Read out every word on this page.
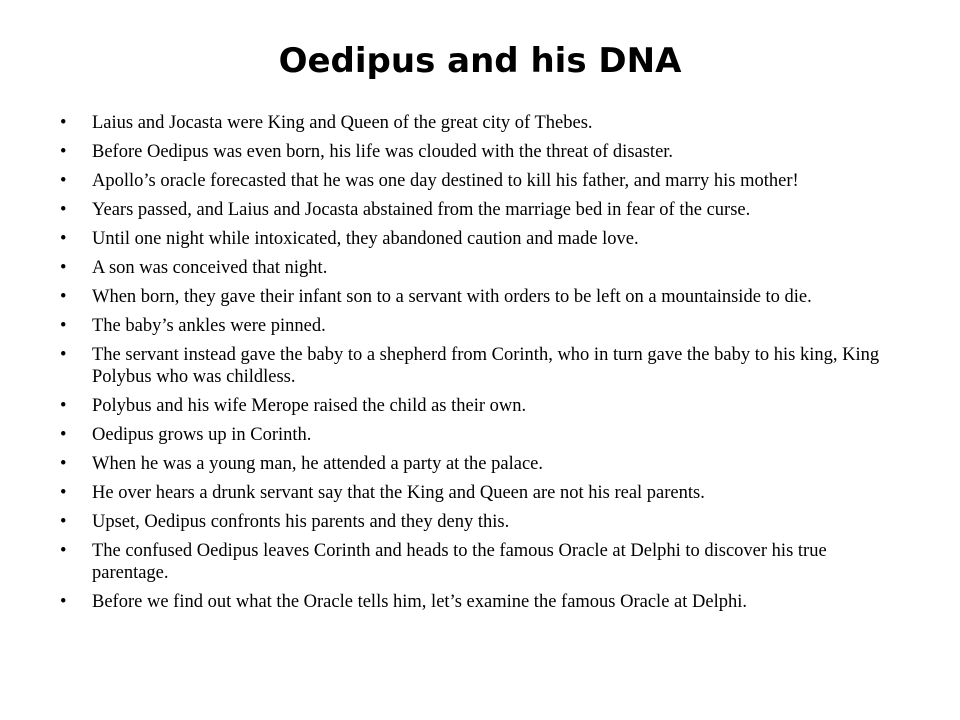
Oedipus and his DNA
•	Laius and Jocasta were King and Queen of the great city of Thebes.
•	Before Oedipus was even born, his life was clouded with the threat of disaster.
•	Apollo’s oracle forecasted that he was one day destined to kill his father, and marry his mother!
•	Years passed, and Laius and Jocasta abstained from the marriage bed in fear of the curse.
•	Until one night while intoxicated, they abandoned caution and made love.
•	A son was conceived that night.
•	When born, they gave their infant son to a servant with orders to be left on a mountainside to die.
•	The baby’s ankles were pinned.
•	The servant instead gave the baby to a shepherd from Corinth, who in turn gave the baby to his king, King Polybus who was childless.
•	Polybus and his wife Merope raised the child as their own.
•	Oedipus grows up in Corinth.
•	When he was a young man, he attended a party at the palace.
•	He over hears a drunk servant say that the King and Queen are not his real parents.
•	Upset, Oedipus confronts his parents and they deny this.
•	The confused Oedipus leaves Corinth and heads to the famous Oracle at Delphi to discover his true parentage.
•	Before we find out what the Oracle tells him, let’s examine the famous Oracle at Delphi.
